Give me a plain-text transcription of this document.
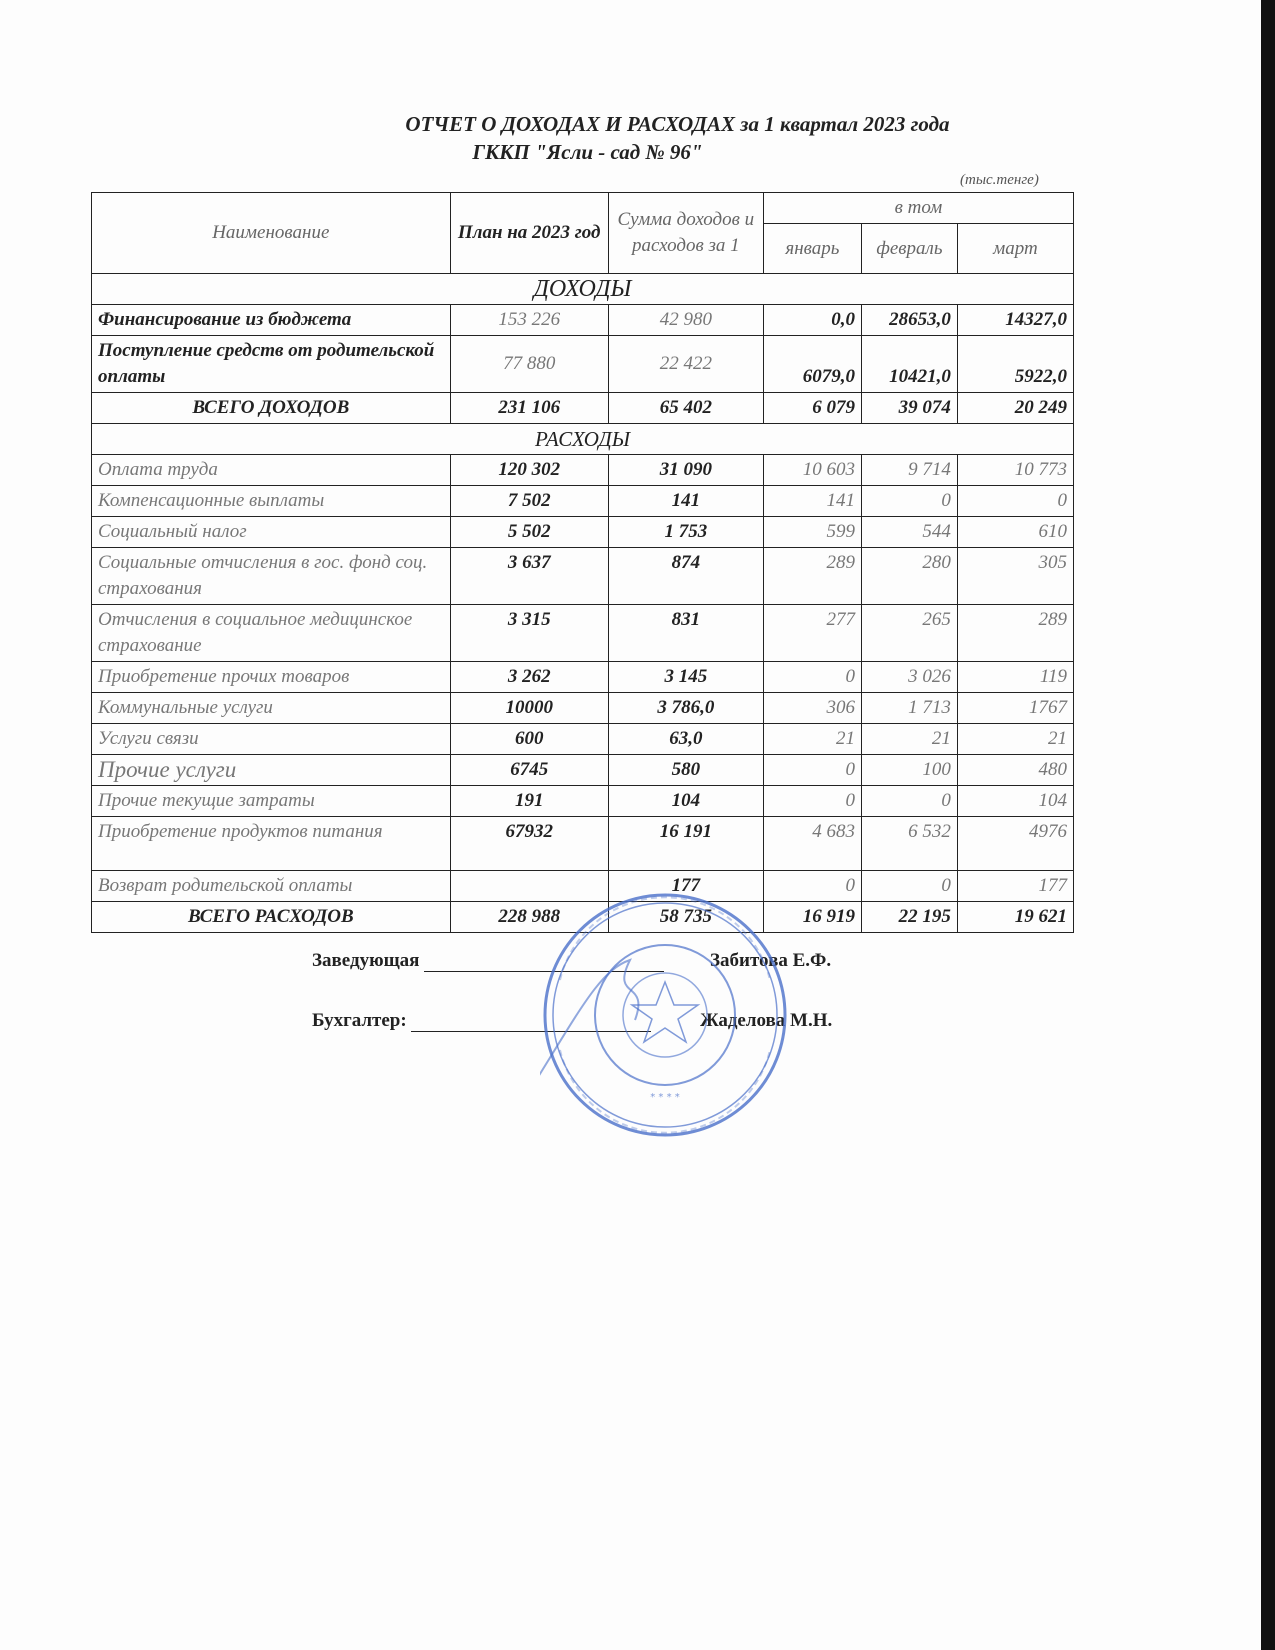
ОТЧЕТ О ДОХОДАХ И РАСХОДАХ за 1 квартал 2023 года
ГККП "Ясли - сад № 96"
(тыс.тенге)
Наименование	План на 2023 год	Сумма доходов и расходов за 1	в том		
			январь	февраль	март
ДОХОДЫ					
Финансирование из бюджета	153 226	42 980	0,0	28653,0	14327,0
Поступление средств от родительской оплаты	77 880	22 422	6079,0	10421,0	5922,0
ВСЕГО ДОХОДОВ	231 106	65 402	6 079	39 074	20 249
РАСХОДЫ					
Оплата труда	120 302	31 090	10 603	9 714	10 773
Компенсационные выплаты	7 502	141	141	0	0
Социальный налог	5 502	1 753	599	544	610
Социальные отчисления в гос. фонд соц. страхования	3 637	874	289	280	305
Отчисления в социальное медицинское страхование	3 315	831	277	265	289
Приобретение прочих товаров	3 262	3 145	0	3 026	119
Коммунальные услуги	10000	3 786,0	306	1 713	1767
Услуги связи	600	63,0	21	21	21
Прочие услуги	6745	580	0	100	480
Прочие текущие затраты	191	104	0	0	104
Приобретение продуктов питания	67932	16 191	4 683	6 532	4976
Возврат родительской оплаты		177	0	0	177
ВСЕГО РАСХОДОВ	228 988	58 735	16 919	22 195	19 621
Заведующая	Забитова Е.Ф.
Бухгалтер:	Жаделова М.Н.
* * * *
